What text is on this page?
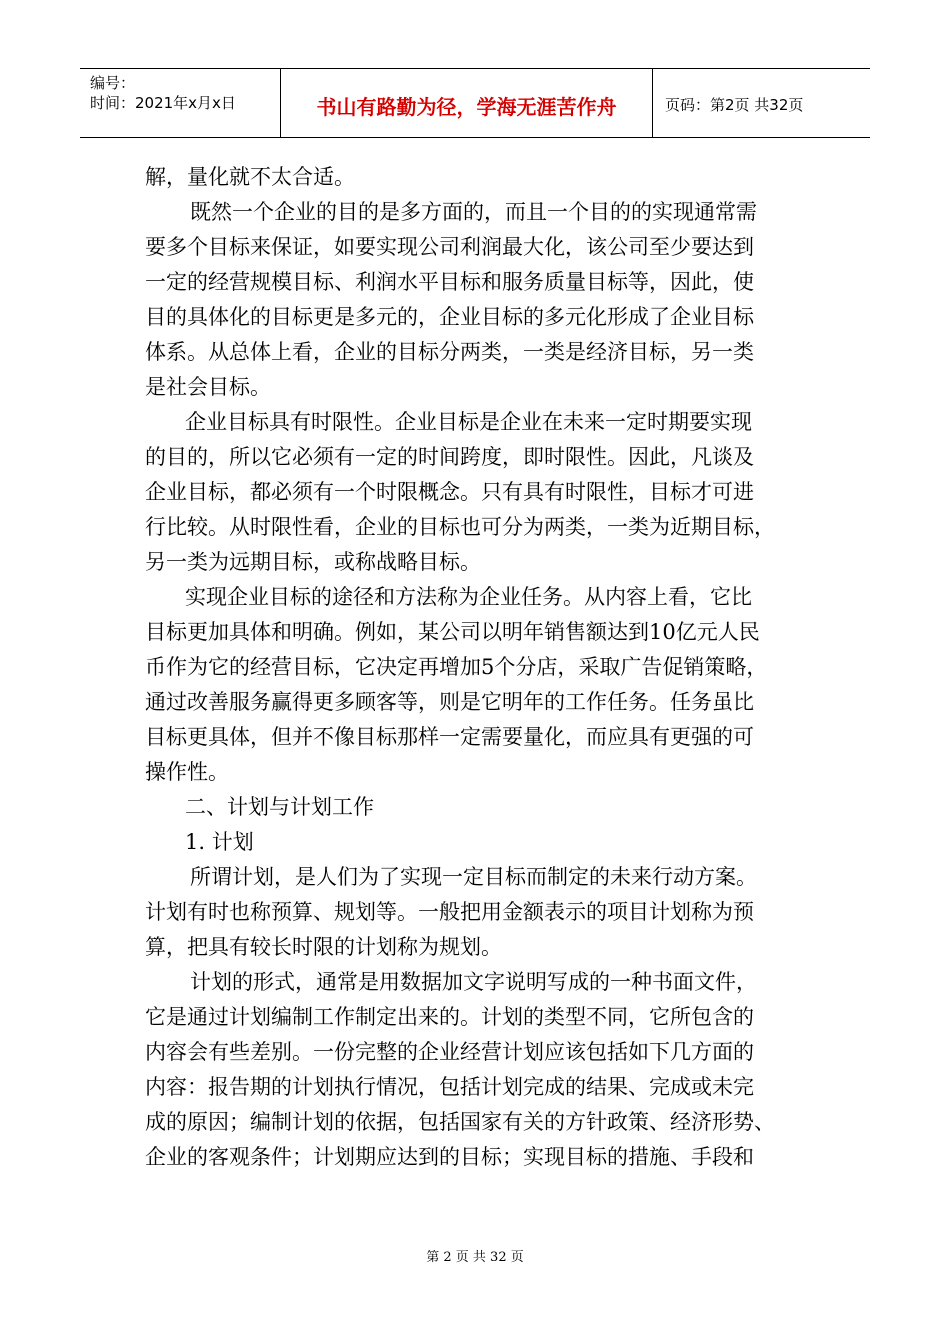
编号：
时间：2021年x月x日	书山有路勤为径，学海无涯苦作舟	页码：第2页 共32页

解，量化就不太合适。

既然一个企业的目的是多方面的，而且一个目的的实现通常需

要多个目标来保证，如要实现公司利润最大化，该公司至少要达到

一定的经营规模目标、利润水平目标和服务质量目标等，因此，使

目的具体化的目标更是多元的，企业目标的多元化形成了企业目标

体系。从总体上看，企业的目标分两类，一类是经济目标，另一类

是社会目标。

企业目标具有时限性。企业目标是企业在未来一定时期要实现

的目的，所以它必须有一定的时间跨度，即时限性。因此，凡谈及

企业目标，都必须有一个时限概念。只有具有时限性，目标才可进

行比较。从时限性看，企业的目标也可分为两类，一类为近期目标，

另一类为远期目标，或称战略目标。

实现企业目标的途径和方法称为企业任务。从内容上看，它比

目标更加具体和明确。例如，某公司以明年销售额达到10亿元人民

币作为它的经营目标，它决定再增加5个分店，采取广告促销策略，

通过改善服务赢得更多顾客等，则是它明年的工作任务。任务虽比

目标更具体，但并不像目标那样一定需要量化，而应具有更强的可

操作性。

二、计划与计划工作

1. 计划

所谓计划，是人们为了实现一定目标而制定的未来行动方案。

计划有时也称预算、规划等。一般把用金额表示的项目计划称为预

算，把具有较长时限的计划称为规划。

计划的形式，通常是用数据加文字说明写成的一种书面文件，

它是通过计划编制工作制定出来的。计划的类型不同，它所包含的

内容会有些差别。一份完整的企业经营计划应该包括如下几方面的

内容：报告期的计划执行情况，包括计划完成的结果、完成或未完

成的原因；编制计划的依据，包括国家有关的方针政策、经济形势、

企业的客观条件；计划期应达到的目标；实现目标的措施、手段和

第 2 页 共 32 页
